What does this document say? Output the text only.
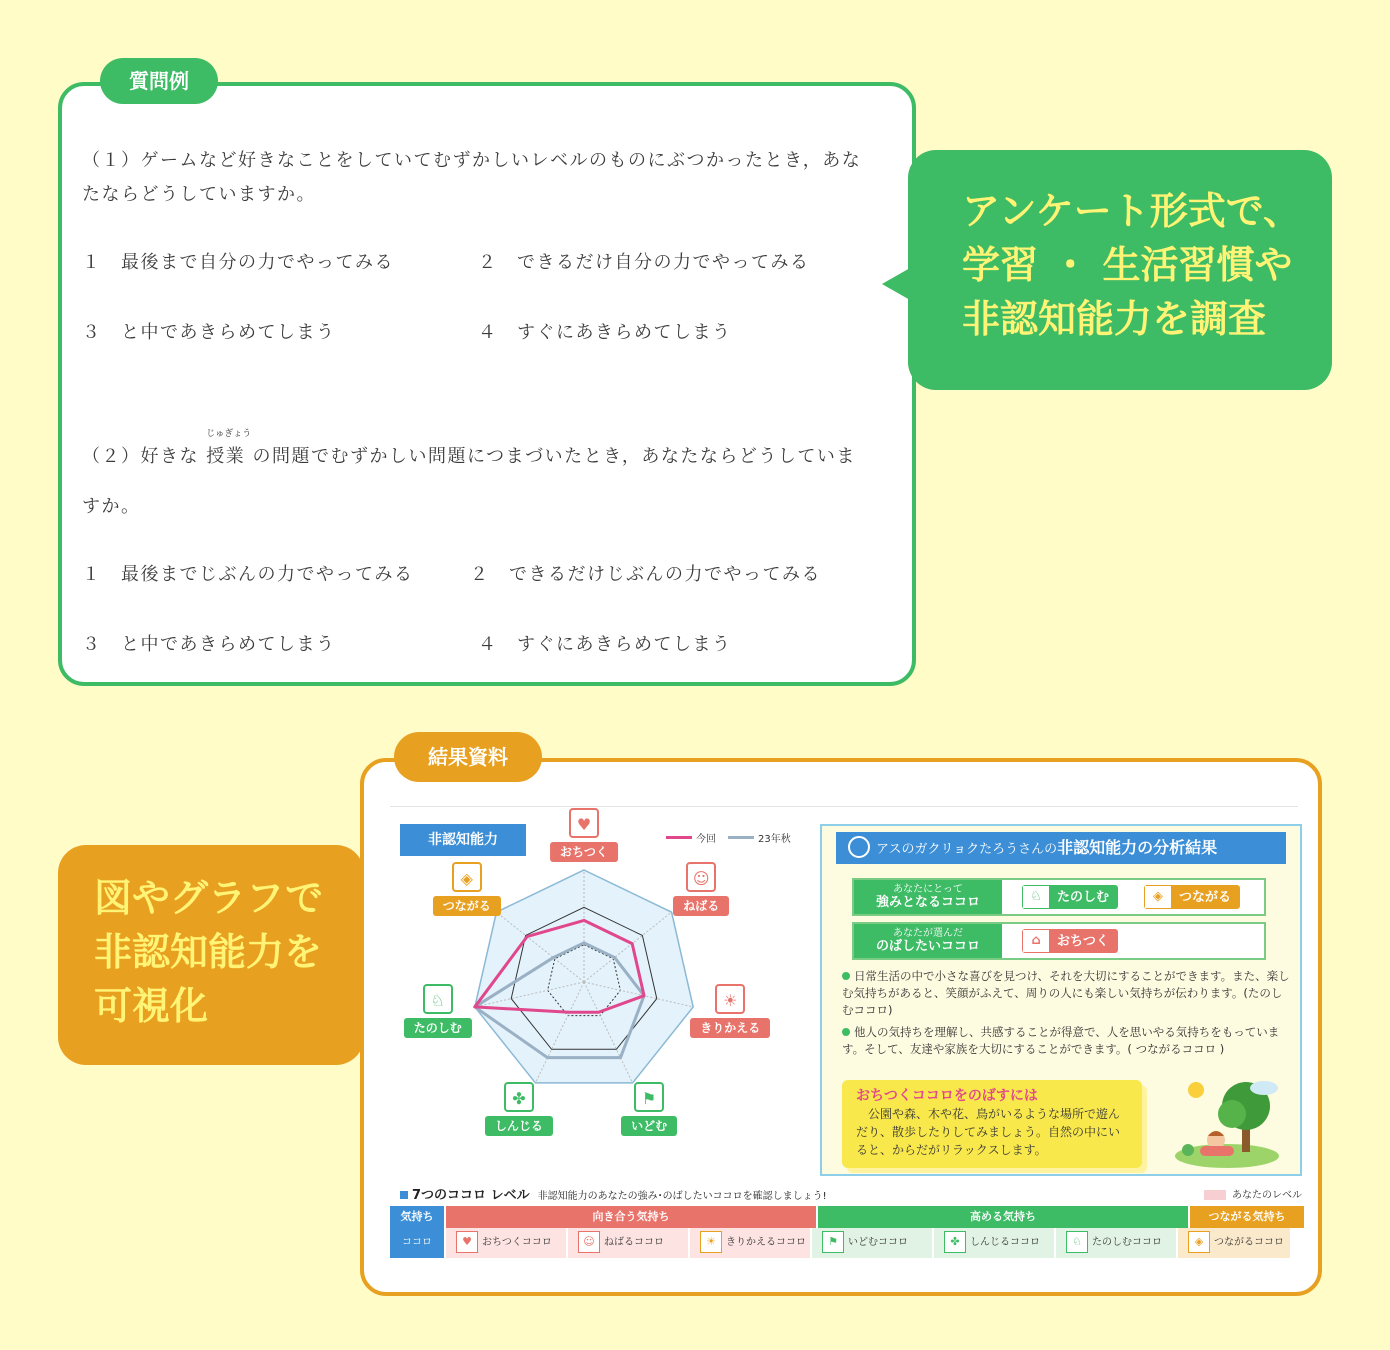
質問例
（１）ゲームなど好きなことをしていてむずかしいレベルのものにぶつかったとき，あな
たならどうしていますか。
１　最後まで自分の力でやってみる	２　できるだけ自分の力でやってみる
３　と中であきらめてしまう	４　すぐにあきらめてしまう
（２）好きな
じゅぎょう
授業 の問題でむずかしい問題につまづいたとき，あなたならどうしていま
すか。
１　最後までじぶんの力でやってみる	２　できるだけじぶんの力でやってみる
３　と中であきらめてしまう	４　すぐにあきらめてしまう
アンケート形式で、
学習 ・ 生活習慣や
非認知能力を調査
図やグラフで
非認知能力を
可視化
結果資料
非認知能力	今回	23年秋
♥
おちつく
☺
ねばる
☀
きりかえる
⚑
いどむ
✤
しんじる
♘
たのしむ
◈
つながる
アスのガクリョクたろうさんの非認知能力の分析結果
あなたにとって
強みとなるココロ	♘	たのしむ	◈	つながる
あなたが選んだ
のばしたいココロ	⌂	おちつく
日常生活の中で小さな喜びを見つけ、それを大切にすることができます。また、楽しむ気持ちがあると、笑顔がふえて、周りの人にも楽しい気持ちが伝わります。(たのしむココロ)
他人の気持ちを理解し、共感することが得意で、人を思いやる気持ちをもっています。そして、友達や家族を大切にすることができます。( つながるココロ )
おちつくココロをのばすには
　公園や森、木や花、鳥がいるような場所で遊んだり、散歩したりしてみましょう。自然の中にいると、からだがリラックスします。
7つのココロ レベル 非認知能力のあなたの強み･のばしたいココロを確認しましょう!	あなたのレベル
気持ち	向き合う気持ち	高める気持ち	つながる気持ち
ココロ	♥ おちつくココロ	☺ ねばるココロ	☀ きりかえるココロ	⚑ いどむココロ	✤ しんじるココロ	♘ たのしむココロ	◈ つながるココロ
